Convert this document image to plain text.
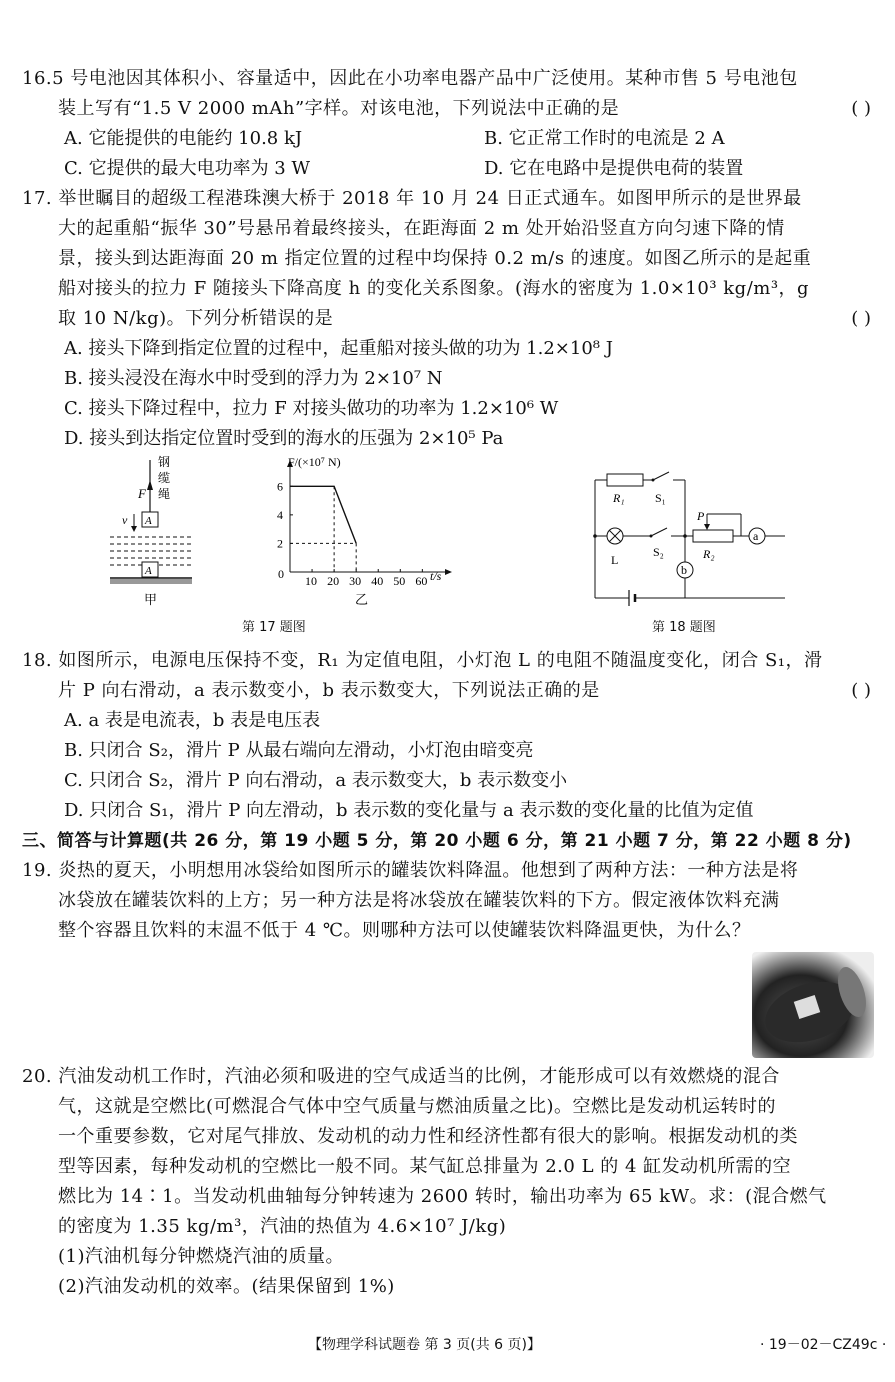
16.5 号电池因其体积小、容量适中，因此在小功率电器产品中广泛使用。某种市售 5 号电池包
装上写有“1.5 V 2000 mAh”字样。对该电池，下列说法中正确的是	( )
A. 它能提供的电能约 10.8 kJ	B. 它正常工作时的电流是 2 A
C. 它提供的最大电功率为 3 W	D. 它在电路中是提供电荷的装置
17. 举世瞩目的超级工程港珠澳大桥于 2018 年 10 月 24 日正式通车。如图甲所示的是世界最
大的起重船“振华 30”号悬吊着最终接头，在距海面 2 m 处开始沿竖直方向匀速下降的情
景，接头到达距海面 20 m 指定位置的过程中均保持 0.2 m/s 的速度。如图乙所示的是起重
船对接头的拉力 F 随接头下降高度 h 的变化关系图象。(海水的密度为 1.0×10³ kg/m³，g
取 10 N/kg)。下列分析错误的是	( )
A. 接头下降到指定位置的过程中，起重船对接头做的功为 1.2×10⁸ J
B. 接头浸没在海水中时受到的浮力为 2×10⁷ N
C. 接头下降过程中，拉力 F 对接头做功的功率为 1.2×10⁶ W
D. 接头到达指定位置时受到的海水的压强为 2×10⁵ Pa
F
钢
缆
绳
A
v
A
甲
10 20 30 40 50 60
2
4
6
F/(×10⁷ N)
t/s
0
乙
第 17 题图
R₁	S₁
L
S₂	R₂
P
a
b
第 18 题图
18. 如图所示，电源电压保持不变，R₁ 为定值电阻，小灯泡 L 的电阻不随温度变化，闭合 S₁，滑
片 P 向右滑动，a 表示数变小，b 表示数变大，下列说法正确的是	( )
A. a 表是电流表，b 表是电压表
B. 只闭合 S₂，滑片 P 从最右端向左滑动，小灯泡由暗变亮
C. 只闭合 S₂，滑片 P 向右滑动，a 表示数变大，b 表示数变小
D. 只闭合 S₁，滑片 P 向左滑动，b 表示数的变化量与 a 表示数的变化量的比值为定值
三、简答与计算题(共 26 分，第 19 小题 5 分，第 20 小题 6 分，第 21 小题 7 分，第 22 小题 8 分)
19. 炎热的夏天，小明想用冰袋给如图所示的罐装饮料降温。他想到了两种方法：一种方法是将
冰袋放在罐装饮料的上方；另一种方法是将冰袋放在罐装饮料的下方。假定液体饮料充满
整个容器且饮料的末温不低于 4 ℃。则哪种方法可以使罐装饮料降温更快，为什么？
20. 汽油发动机工作时，汽油必须和吸进的空气成适当的比例，才能形成可以有效燃烧的混合
气，这就是空燃比(可燃混合气体中空气质量与燃油质量之比)。空燃比是发动机运转时的
一个重要参数，它对尾气排放、发动机的动力性和经济性都有很大的影响。根据发动机的类
型等因素，每种发动机的空燃比一般不同。某气缸总排量为 2.0 L 的 4 缸发动机所需的空
燃比为 14∶1。当发动机曲轴每分钟转速为 2600 转时，输出功率为 65 kW。求：(混合燃气
的密度为 1.35 kg/m³，汽油的热值为 4.6×10⁷ J/kg)
(1)汽油机每分钟燃烧汽油的质量。
(2)汽油发动机的效率。(结果保留到 1%)
【物理学科试题卷 第 3 页(共 6 页)】	· 19－02－CZ49c ·
